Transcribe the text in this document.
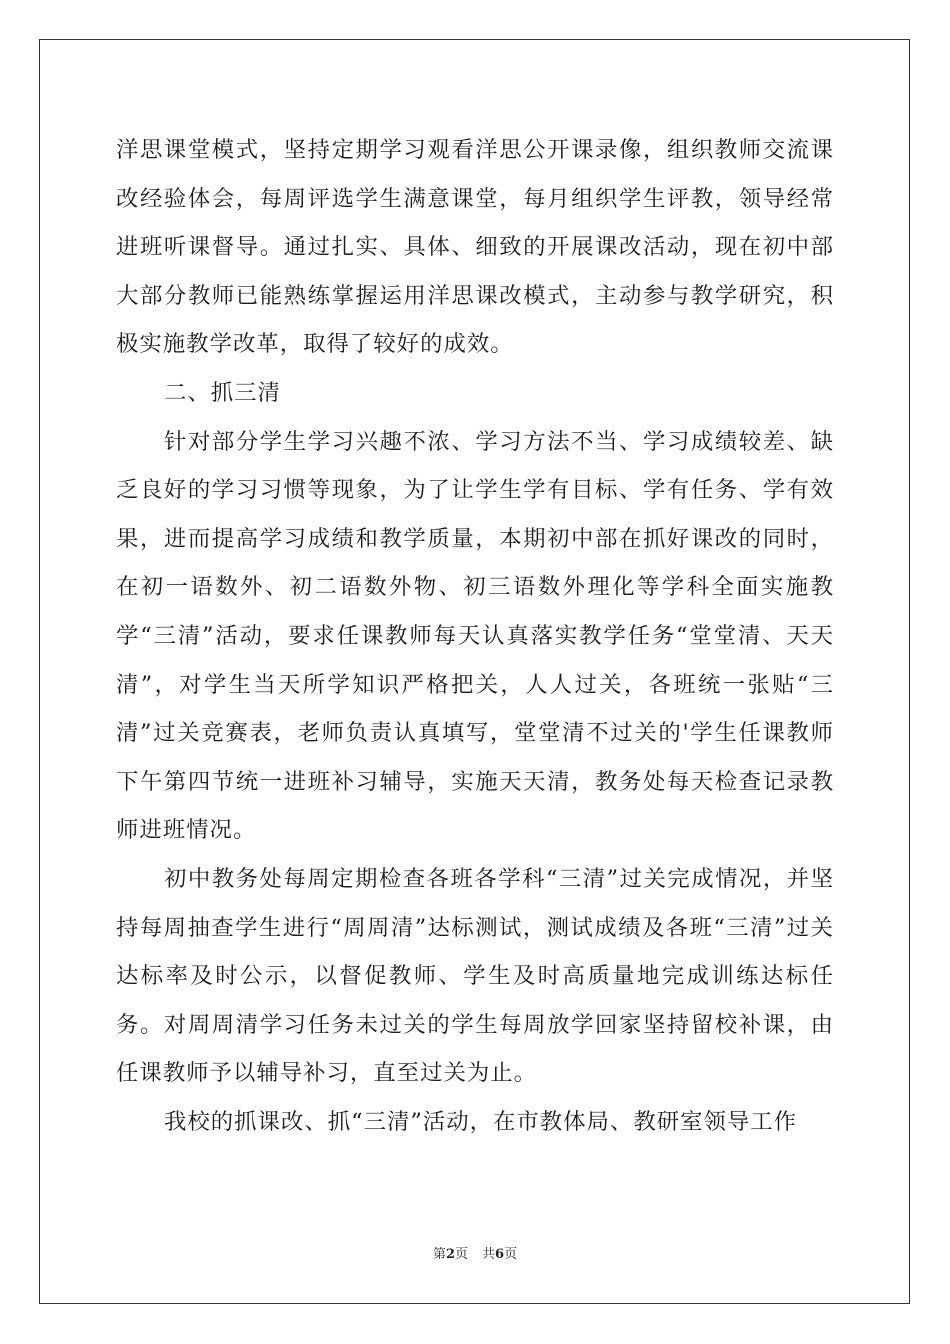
洋思课堂模式，坚持定期学习观看洋思公开课录像，组织教师交流课改经验体会，每周评选学生满意课堂，每月组织学生评教，领导经常进班听课督导。通过扎实、具体、细致的开展课改活动，现在初中部大部分教师已能熟练掌握运用洋思课改模式，主动参与教学研究，积极实施教学改革，取得了较好的成效。

二、抓三清

针对部分学生学习兴趣不浓、学习方法不当、学习成绩较差、缺乏良好的学习习惯等现象，为了让学生学有目标、学有任务、学有效果，进而提高学习成绩和教学质量，本期初中部在抓好课改的同时，在初一语数外、初二语数外物、初三语数外理化等学科全面实施教学“三清”活动，要求任课教师每天认真落实教学任务“堂堂清、天天清”，对学生当天所学知识严格把关，人人过关，各班统一张贴“三清”过关竞赛表，老师负责认真填写，堂堂清不过关的'学生任课教师下午第四节统一进班补习辅导，实施天天清，教务处每天检查记录教师进班情况。

初中教务处每周定期检查各班各学科“三清”过关完成情况，并坚持每周抽查学生进行“周周清”达标测试，测试成绩及各班“三清”过关达标率及时公示，以督促教师、学生及时高质量地完成训练达标任务。对周周清学习任务未过关的学生每周放学回家坚持留校补课，由任课教师予以辅导补习，直至过关为止。

我校的抓课改、抓“三清”活动，在市教体局、教研室领导工作

第2页 共6页
